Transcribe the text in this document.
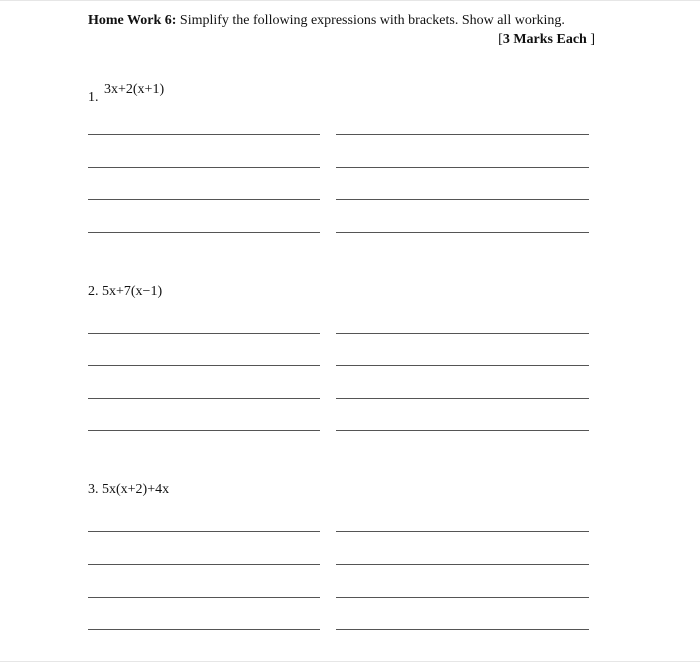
Home Work 6: Simplify the following expressions with brackets. Show all working.
[3 Marks Each ]
1. 3x+2(x+1)
2. 5x+7(x−1)
3. 5x(x+2)+4x
